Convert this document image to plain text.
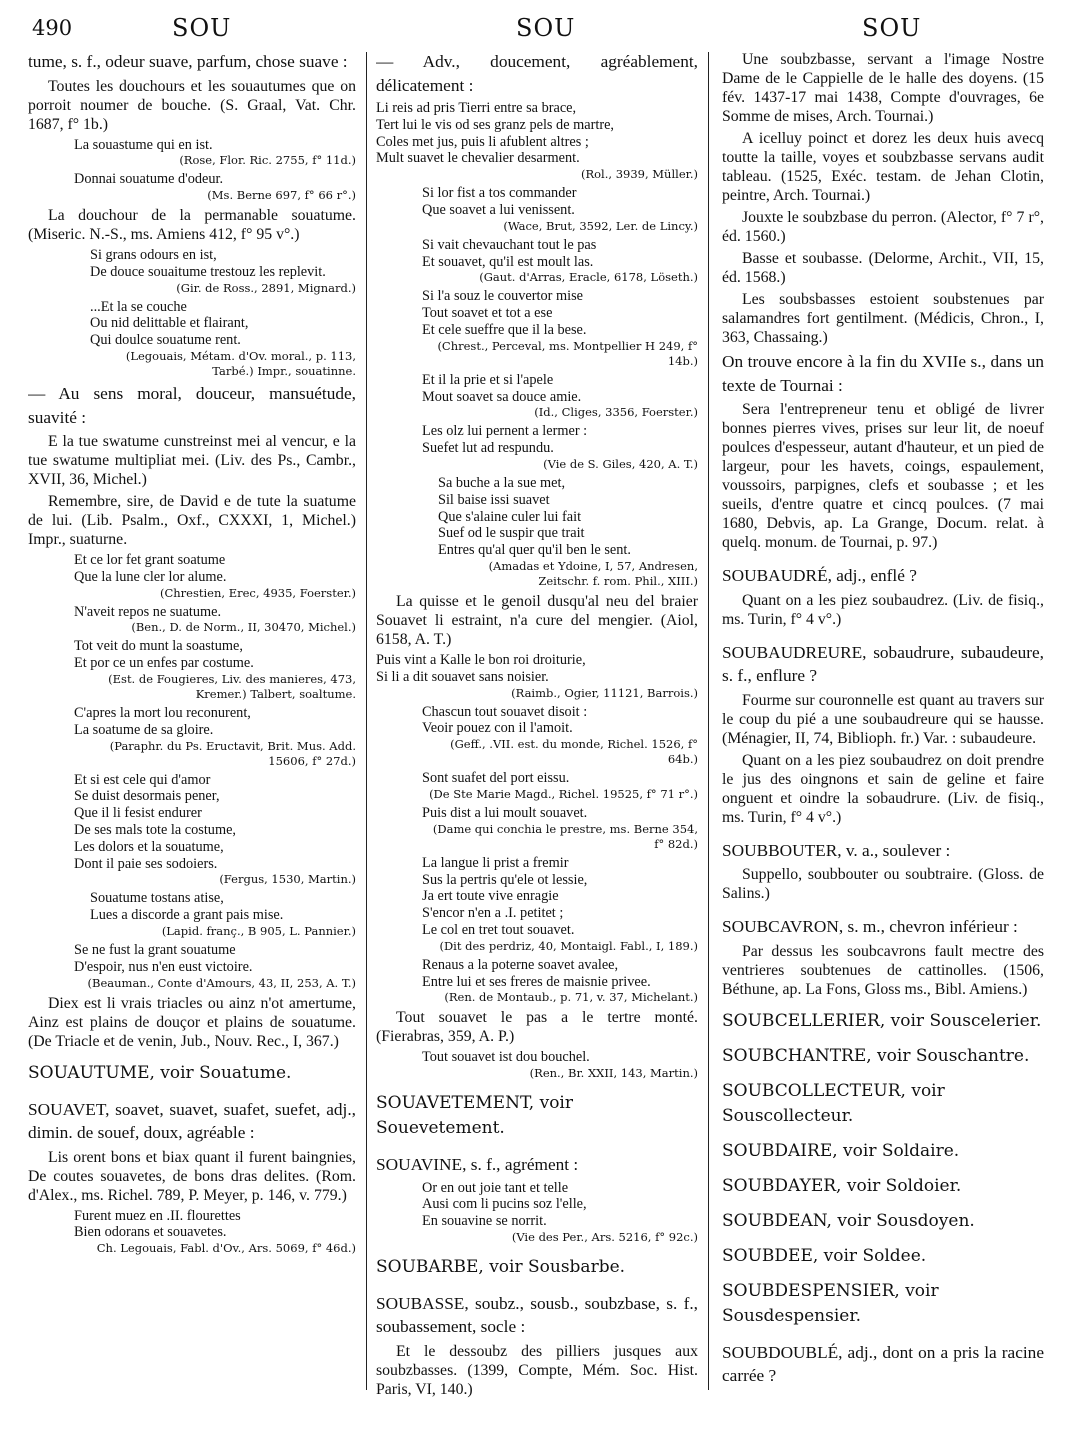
490	SOU	SOU	SOU

tume, s. f., odeur suave, parfum, chose suave :

Toutes les douchours et les souautumes que on porroit noumer de bouche. (S. Graal, Vat. Chr. 1687, f° 1b.)

La souastume qui en ist.
(Rose, Flor. Ric. 2755, f° 11d.)
Donnai souatume d'odeur.
(Ms. Berne 697, f° 66 r°.)

La douchour de la permanable souatume. (Miseric. N.-S., ms. Amiens 412, f° 95 v°.)

Si grans odours en ist,
De douce souaitume trestouz les replevit.
(Gir. de Ross., 2891, Mignard.)
...Et la se couche
Ou nid delittable et flairant,
Qui doulce souatume rent.
(Legouais, Métam. d'Ov. moral., p. 113, Tarbé.) Impr., souatinne.

— Au sens moral, douceur, mansuétude, suavité :

E la tue swatume cunstreinst mei al vencur, e la tue swatume multipliat mei. (Liv. des Ps., Cambr., XVII, 36, Michel.)

Remembre, sire, de David e de tute la suatume de lui. (Lib. Psalm., Oxf., CXXXI, 1, Michel.) Impr., suaturne.

Et ce lor fet grant soatume
Que la lune cler lor alume.
(Chrestien, Erec, 4935, Foerster.)
N'aveit repos ne suatume.
(Ben., D. de Norm., II, 30470, Michel.)
Tot veit do munt la soastume,
Et por ce un enfes par costume.
(Est. de Fougieres, Liv. des manieres, 473, Kremer.) Talbert, soaltume.
C'apres la mort lou reconurent,
La soatume de sa gloire.
(Paraphr. du Ps. Eructavit, Brit. Mus. Add. 15606, f° 27d.)
Et si est cele qui d'amor
Se duist desormais pener,
Que il li fesist endurer
De ses mals tote la costume,
Les dolors et la souatume,
Dont il paie ses sodoiers.
(Fergus, 1530, Martin.)
Souatume tostans atise,
Lues a discorde a grant pais mise.
(Lapid. franç., B 905, L. Pannier.)
Se ne fust la grant souatume
D'espoir, nus n'en eust victoire.
(Beauman., Conte d'Amours, 43, II, 253, A. T.)

Diex est li vrais triacles ou ainz n'ot amertume, Ainz est plains de douçor et plains de souatume. (De Triacle et de venin, Jub., Nouv. Rec., I, 367.)

SOUAUTUME, voir Souatume.

SOUAVET, soavet, suavet, suafet, suefet, adj., dimin. de souef, doux, agréable :

Lis orent bons et biax quant il furent baingnies, De coutes souavetes, de bons dras delites. (Rom. d'Alex., ms. Richel. 789, P. Meyer, p. 146, v. 779.)

Furent muez en .II. flourettes
Bien odorans et souavetes.
Ch. Legouais, Fabl. d'Ov., Ars. 5069, f° 46d.)

— Adv., doucement, agréablement, délicatement :

Li reis ad pris Tierri entre sa brace,
Tert lui le vis od ses granz pels de martre,
Coles met jus, puis li afublent altres ;
Mult suavet le chevalier desarment.
(Rol., 3939, Müller.)
Si lor fist a tos commander
Que soavet a lui venissent.
(Wace, Brut, 3592, Ler. de Lincy.)
Si vait chevauchant tout le pas
Et souavet, qu'il est moult las.
(Gaut. d'Arras, Eracle, 6178, Löseth.)
Si l'a souz le couvertor mise
Tout soavet et tot a ese
Et cele sueffre que il la bese.
(Chrest., Perceval, ms. Montpellier H 249, f° 14b.)
Et il la prie et si l'apele
Mout soavet sa douce amie.
(Id., Cliges, 3356, Foerster.)
Les olz lui pernent a lermer :
Suefet lut ad respundu.
(Vie de S. Giles, 420, A. T.)
Sa buche a la sue met,
Sil baise issi suavet
Que s'alaine culer lui fait
Suef od le suspir que trait
Entres qu'al quer qu'il ben le sent.
(Amadas et Ydoine, I, 57, Andresen, Zeitschr. f. rom. Phil., XIII.)

La quisse et le genoil dusqu'al neu del braier Souavet li estraint, n'a cure del mengier. (Aiol, 6158, A. T.)

Puis vint a Kalle le bon roi droiturie,
Si li a dit souavet sans noisier.
(Raimb., Ogier, 11121, Barrois.)
Chascun tout souavet disoit :
Veoir pouez con il l'amoit.
(Geff., .VII. est. du monde, Richel. 1526, f° 64b.)
Sont suafet del port eissu.
(De Ste Marie Magd., Richel. 19525, f° 71 r°.)
Puis dist a lui moult souavet.
(Dame qui conchia le prestre, ms. Berne 354, f° 82d.)
La langue li prist a fremir
Sus la pertris qu'ele ot lessie,
Ja ert toute vive enragie
S'encor n'en a .I. petitet ;
Le col en tret tout souavet.
(Dit des perdriz, 40, Montaigl. Fabl., I, 189.)
Renaus a la poterne soavet avalee,
Entre lui et ses freres de maisnie privee.
(Ren. de Montaub., p. 71, v. 37, Michelant.)

Tout souavet le pas a le tertre monté. (Fierabras, 359, A. P.)

Tout souavet ist dou bouchel.
(Ren., Br. XXII, 143, Martin.)
SOUAVETEMENT, voir Souevetement.

SOUAVINE, s. f., agrément :

Or en out joie tant et telle
Ausi com li pucins soz l'elle,
En souavine se norrit.
(Vie des Per., Ars. 5216, f° 92c.)
SOUBARBE, voir Sousbarbe.

SOUBASSE, soubz., sousb., soubzbase, s. f., soubassement, socle :

Et le dessoubz des pilliers jusques aux soubzbasses. (1399, Compte, Mém. Soc. Hist. Paris, VI, 140.)

Une soubzbasse, servant a l'image Nostre Dame de le Cappielle de le halle des doyens. (15 fév. 1437-17 mai 1438, Compte d'ouvrages, 6e Somme de mises, Arch. Tournai.)

A icelluy poinct et dorez les deux huis avecq toutte la taille, voyes et soubzbasse servans audit tableau. (1525, Exéc. testam. de Jehan Clotin, peintre, Arch. Tournai.)

Jouxte le soubzbase du perron. (Alector, f° 7 r°, éd. 1560.)

Basse et soubasse. (Delorme, Archit., VII, 15, éd. 1568.)

Les soubsbasses estoient soubstenues par salamandres fort gentilment. (Médicis, Chron., I, 363, Chassaing.)

On trouve encore à la fin du XVIIe s., dans un texte de Tournai :

Sera l'entrepreneur tenu et obligé de livrer bonnes pierres vives, prises sur leur lit, de noeuf poulces d'espesseur, autant d'hauteur, et un pied de largeur, pour les havets, coings, espaulement, voussoirs, parpignes, clefs et soubasse ; et les sueils, d'entre quatre et cincq poulces. (7 mai 1680, Debvis, ap. La Grange, Docum. relat. à quelq. monum. de Tournai, p. 97.)

SOUBAUDRÉ, adj., enflé ?

Quant on a les piez soubaudrez. (Liv. de fisiq., ms. Turin, f° 4 v°.)

SOUBAUDREURE, sobaudrure, subaudeure, s. f., enflure ?

Fourme sur couronnelle est quant au travers sur le coup du pié a une soubaudreure qui se hausse. (Ménagier, II, 74, Biblioph. fr.) Var. : subaudeure.

Quant on a les piez soubaudrez on doit prendre le jus des oingnons et sain de geline et faire onguent et oindre la sobaudrure. (Liv. de fisiq., ms. Turin, f° 4 v°.)

SOUBBOUTER, v. a., soulever :

Suppello, soubbouter ou soubtraire. (Gloss. de Salins.)

SOUBCAVRON, s. m., chevron inférieur :

Par dessus les soubcavrons fault mectre des ventrieres soubtenues de cattinolles. (1506, Béthune, ap. La Fons, Gloss ms., Bibl. Amiens.)

SOUBCELLERIER, voir Souscelerier.
SOUBCHANTRE, voir Souschantre.
SOUBCOLLECTEUR, voir Souscollecteur.
SOUBDAIRE, voir Soldaire.
SOUBDAYER, voir Soldoier.
SOUBDEAN, voir Sousdoyen.
SOUBDEE, voir Soldee.
SOUBDESPENSIER, voir Sousdespensier.

SOUBDOUBLÉ, adj., dont on a pris la racine carrée ?
